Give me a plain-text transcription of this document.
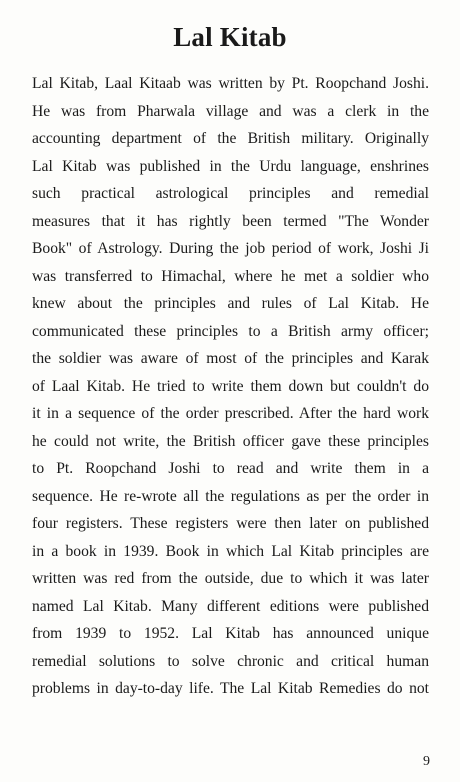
Lal Kitab
Lal Kitab, Laal Kitaab was written by Pt. Roopchand Joshi.
He was from Pharwala village and was a clerk in the
accounting department of the British military. Originally
Lal Kitab was published in the Urdu language, enshrines
such practical astrological principles and remedial
measures that it has rightly been termed "The Wonder
Book" of Astrology. During the job period of work, Joshi Ji
was transferred to Himachal, where he met a soldier who
knew about the principles and rules of Lal Kitab. He
communicated these principles to a British army officer;
the soldier was aware of most of the principles and Karak
of Laal Kitab. He tried to write them down but couldn't do
it in a sequence of the order prescribed. After the hard work
he could not write, the British officer gave these principles
to Pt. Roopchand Joshi to read and write them in a
sequence. He re-wrote all the regulations as per the order in
four registers. These registers were then later on published
in a book in 1939. Book in which Lal Kitab principles are
written was red from the outside, due to which it was later
named Lal Kitab. Many different editions were published
from 1939 to 1952. Lal Kitab has announced unique
remedial solutions to solve chronic and critical human
problems in day-to-day life. The Lal Kitab Remedies do not

9
